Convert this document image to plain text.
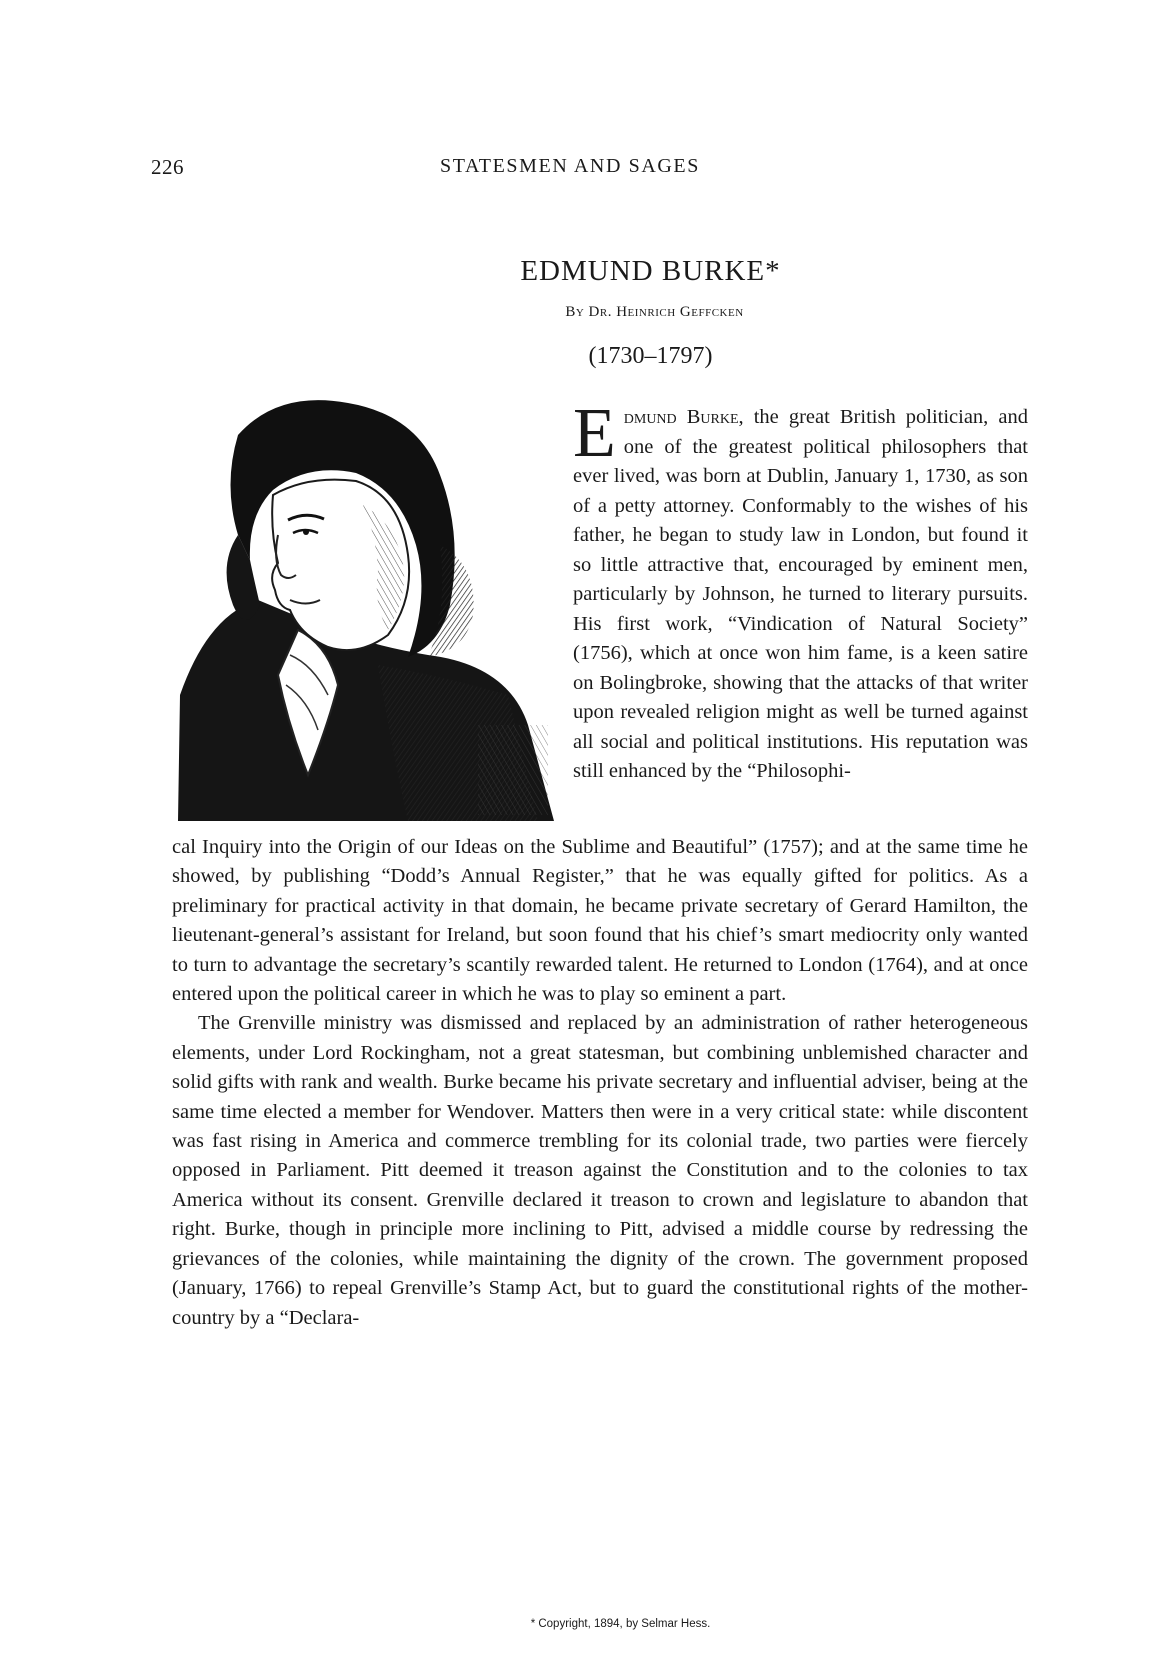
226	STATESMEN AND SAGES
EDMUND BURKE*
By Dr. Heinrich Geffcken
(1730–1797)
Edmund Burke, the great British politician, and one of the greatest political philosophers that ever lived, was born at Dublin, January 1, 1730, as son of a petty attorney. Conformably to the wishes of his father, he began to study law in London, but found it so little attractive that, encouraged by eminent men, particularly by Johnson, he turned to literary pursuits. His first work, “Vindication of Natural Society” (1756), which at once won him fame, is a keen satire on Bolingbroke, showing that the attacks of that writer upon revealed religion might as well be turned against all social and political institutions. His reputation was still enhanced by the “Philosophi-

cal Inquiry into the Origin of our Ideas on the Sublime and Beautiful” (1757); and at the same time he showed, by publishing “Dodd’s Annual Register,” that he was equally gifted for politics. As a preliminary for practical activity in that domain, he became private secretary of Gerard Hamilton, the lieutenant-general’s assistant for Ireland, but soon found that his chief’s smart mediocrity only wanted to turn to advantage the secretary’s scantily rewarded talent. He returned to London (1764), and at once entered upon the political career in which he was to play so eminent a part.

The Grenville ministry was dismissed and replaced by an administration of rather heterogeneous elements, under Lord Rockingham, not a great statesman, but combining unblemished character and solid gifts with rank and wealth. Burke became his private secretary and influential adviser, being at the same time elected a member for Wendover. Matters then were in a very critical state: while discontent was fast rising in America and commerce trembling for its colonial trade, two parties were fiercely opposed in Parliament. Pitt deemed it treason against the Constitution and to the colonies to tax America without its consent. Grenville declared it treason to crown and legislature to abandon that right. Burke, though in principle more inclining to Pitt, advised a middle course by redressing the grievances of the colonies, while maintaining the dignity of the crown. The government proposed (January, 1766) to repeal Grenville’s Stamp Act, but to guard the constitutional rights of the mother-country by a “Declara-

* Copyright, 1894, by Selmar Hess.
